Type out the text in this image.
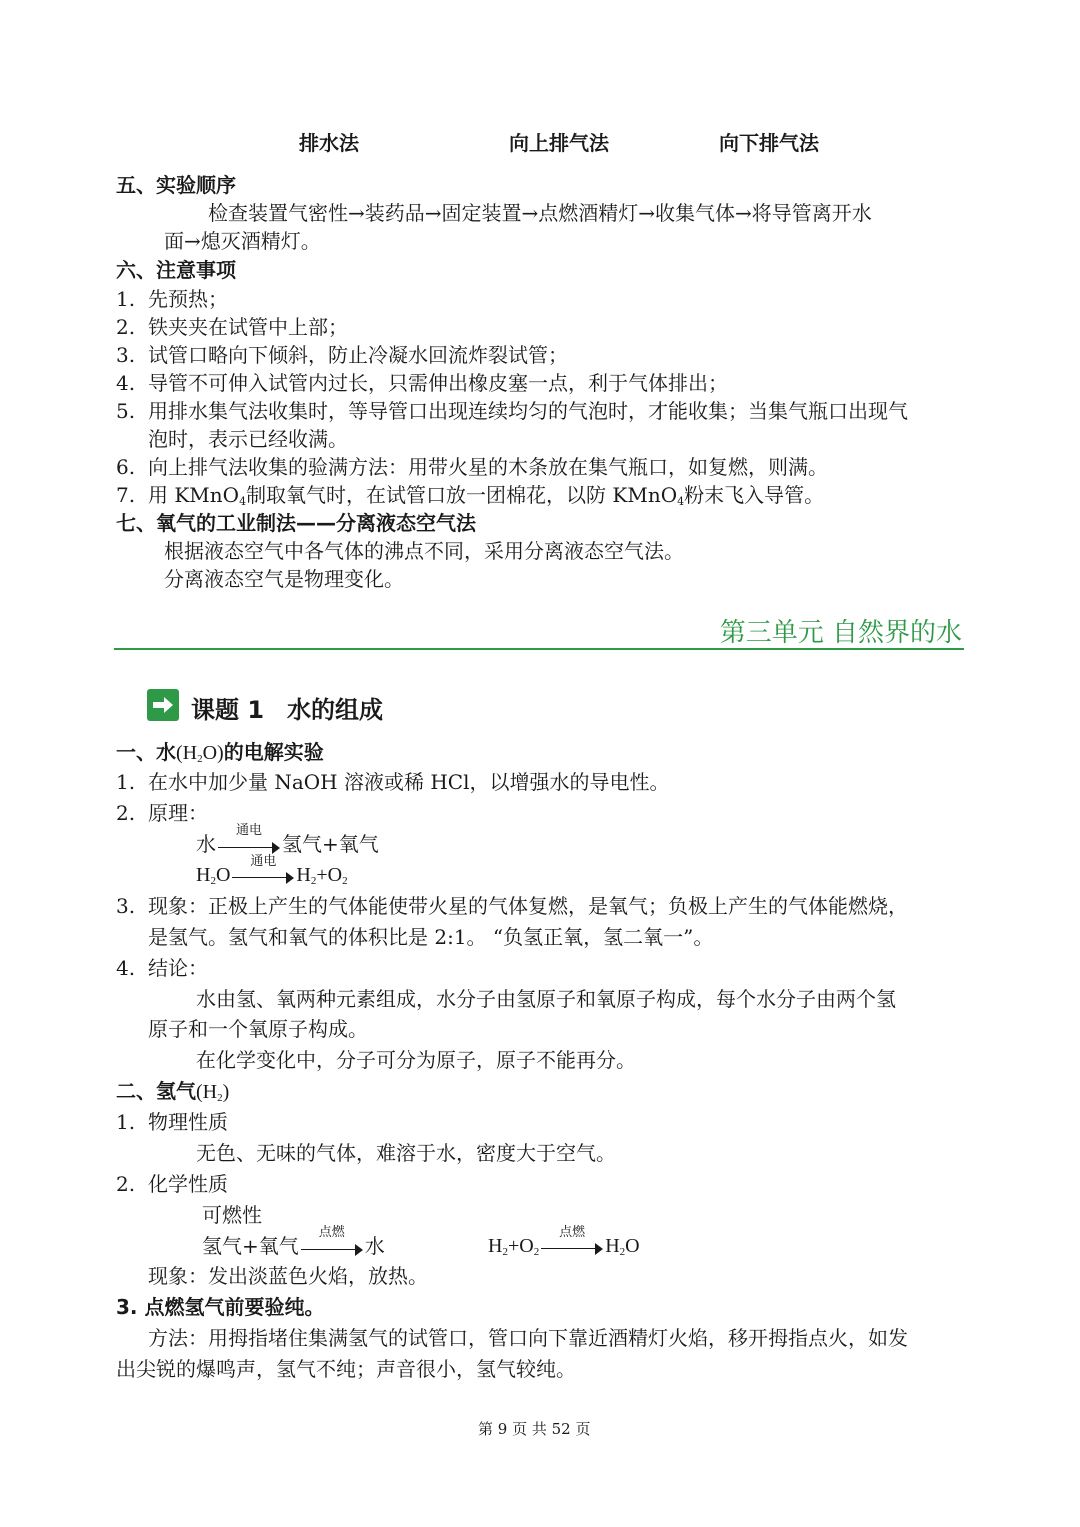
排水法	向上排气法	向下排气法
五、实验顺序
检查装置气密性→装药品→固定装置→点燃酒精灯→收集气体→将导管离开水
面→熄灭酒精灯。
六、注意事项
1. 先预热；
2. 铁夹夹在试管中上部；
3. 试管口略向下倾斜，防止冷凝水回流炸裂试管；
4. 导管不可伸入试管内过长，只需伸出橡皮塞一点，利于气体排出；
5. 用排水集气法收集时，等导管口出现连续均匀的气泡时，才能收集；当集气瓶口出现气
泡时，表示已经收满。
6. 向上排气法收集的验满方法：用带火星的木条放在集气瓶口，如复燃，则满。
7. 用 KMnO$_4$制取氧气时，在试管口放一团棉花，以防 KMnO$_4$粉末飞入导管。
七、氧气的工业制法——分离液态空气法
根据液态空气中各气体的沸点不同，采用分离液态空气法。
分离液态空气是物理变化。
第三单元 自然界的水
课题 1 水的组成
一、水$(H_2O)$的电解实验
1. 在水中加少量 NaOH 溶液或稀 HCl，以增强水的导电性。
2. 原理：
水
通电
氢气+氧气
$H_2O$
通电
$H_2+O_2$
3. 现象：正极上产生的气体能使带火星的气体复燃，是氧气；负极上产生的气体能燃烧，
是氢气。氢气和氧气的体积比是 2:1。 “负氢正氧，氢二氧一”。
4. 结论：
水由氢、氧两种元素组成，水分子由氢原子和氧原子构成，每个水分子由两个氢
原子和一个氧原子构成。
在化学变化中，分子可分为原子，原子不能再分。
二、氢气$(H_2)$
1. 物理性质
无色、无味的气体，难溶于水，密度大于空气。
2. 化学性质
可燃性
氢气+氧气
点燃
水	$H_2+O_2$
点燃
$H_2O$
现象：发出淡蓝色火焰，放热。
3. 点燃氢气前要验纯。
方法：用拇指堵住集满氢气的试管口，管口向下靠近酒精灯火焰，移开拇指点火，如发
出尖锐的爆鸣声，氢气不纯；声音很小，氢气较纯。
第 9 页 共 52 页
